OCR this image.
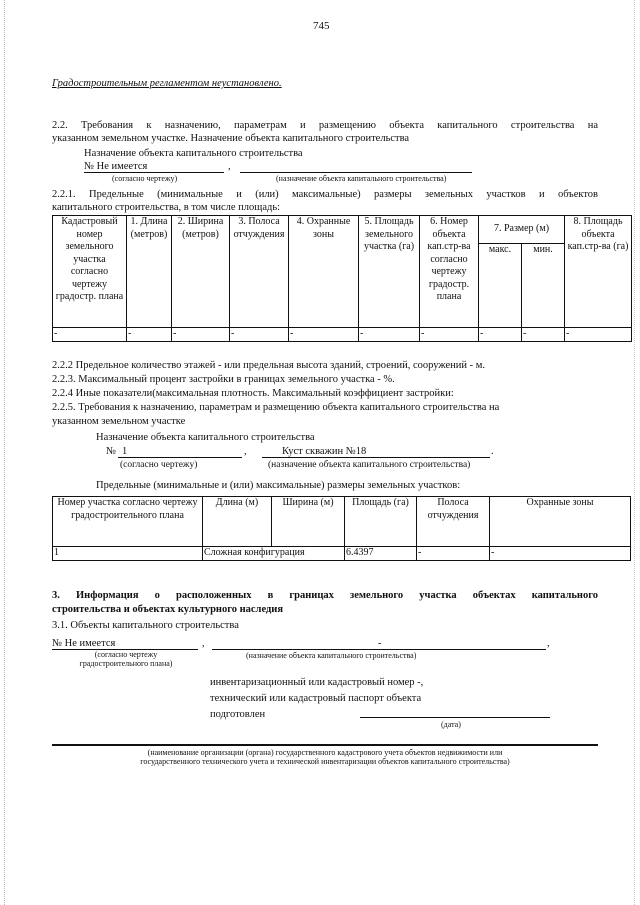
745
Градостроительным регламентом неустановлено.
2.2. Требования к назначению, параметрам и размещению объекта капитального строительства на
указанном земельном участке. Назначение объекта капитального строительства
Назначение объекта капитального строительства
№ Не имеется	,
(согласно чертежу)	(назначение объекта капитального строительства)
2.2.1. Предельные (минимальные и (или) максимальные) размеры земельных участков и объектов
капитального строительства, в том числе площадь:
Кадастровый номер земельного участка согласно чертежу градостр. плана	1. Длина (метров)	2. Ширина (метров)	3. Полоса отчуждения	4. Охранные зоны	5. Площадь земельного участка (га)	6. Номер объекта кап.стр-ва согласно чертежу градостр. плана	7. Размер (м)		8. Площадь объекта кап.стр-ва (га)
							макс.	мин.	
-	-	-	-	-	-	-	-	-	-
2.2.2 Предельное количество этажей - или предельная высота зданий, строений, сооружений - м.
2.2.3. Максимальный процент застройки в границах земельного участка - %.
2.2.4 Иные показатели(максимальная плотность. Максимальный коэффициент застройки:
2.2.5. Требования к назначению, параметрам и размещению объекта капитального строительства на
указанном земельном участке
Назначение объекта капитального строительства
№ 1	,	Куст скважин №18	.
(согласно чертежу)	(назначение объекта капитального строительства)
Предельные (минимальные и (или) максимальные) размеры земельных участков:
Номер участка согласно чертежу градостроительного плана	Длина (м)	Ширина (м)	Площадь (га)	Полоса отчуждения	Охранные зоны
1	Сложная конфигурация		6.4397	-	-
3. Информация о расположенных в границах земельного участка объектах капитального
строительства и объектах культурного наследия
3.1. Объекты капитального строительства
№ Не имеется	,	-	,
(согласно чертежу градостроительного плана)
(назначение объекта капитального строительства)
инвентаризационный или кадастровый номер -,
технический или кадастровый паспорт объекта
подготовлен
(дата)
(наименование организации (органа) государственного кадастрового учета объектов недвижимости или
государственного технического учета и технической инвентаризации объектов капитального строительства)
